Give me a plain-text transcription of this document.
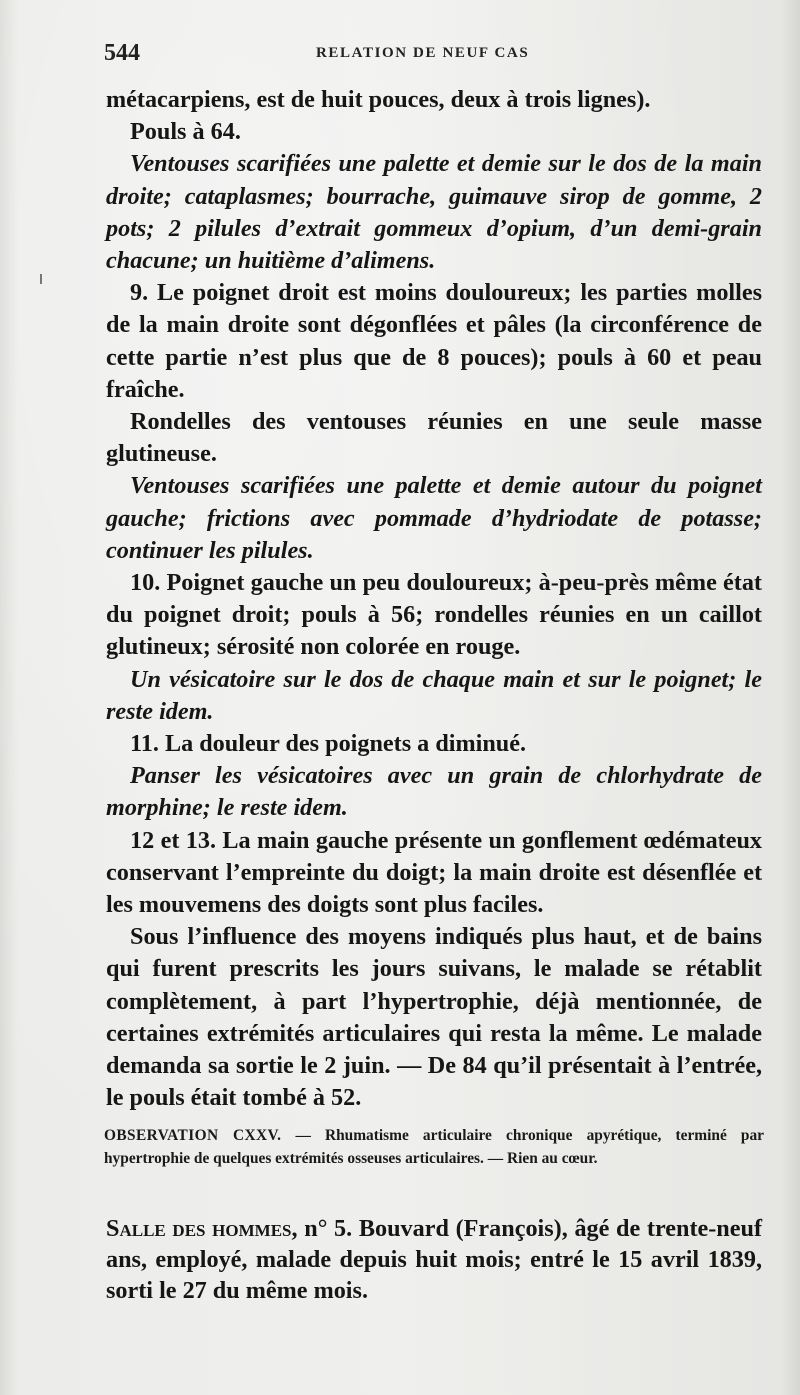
544	RELATION DE NEUF CAS

métacarpiens, est de huit pouces, deux à trois lignes).

Pouls à 64.

Ventouses scarifiées une palette et demie sur le dos de la main droite; cataplasmes; bourrache, guimauve sirop de gomme, 2 pots; 2 pilules d’extrait gommeux d’opium, d’un demi-grain chacune; un huitième d’alimens.

9. Le poignet droit est moins douloureux; les parties molles de la main droite sont dégonflées et pâles (la circonférence de cette partie n’est plus que de 8 pouces); pouls à 60 et peau fraîche.

Rondelles des ventouses réunies en une seule masse glutineuse.

Ventouses scarifiées une palette et demie autour du poignet gauche; frictions avec pommade d’hydriodate de potasse; continuer les pilules.

10. Poignet gauche un peu douloureux; à-peu-près même état du poignet droit; pouls à 56; rondelles réunies en un caillot glutineux; sérosité non colorée en rouge.

Un vésicatoire sur le dos de chaque main et sur le poignet; le reste idem.

11. La douleur des poignets a diminué.

Panser les vésicatoires avec un grain de chlorhydrate de morphine; le reste idem.

12 et 13. La main gauche présente un gonflement œdémateux conservant l’empreinte du doigt; la main droite est désenflée et les mouvemens des doigts sont plus faciles.

Sous l’influence des moyens indiqués plus haut, et de bains qui furent prescrits les jours suivans, le malade se rétablit complètement, à part l’hypertrophie, déjà mentionnée, de certaines extrémités articulaires qui resta la même. Le malade demanda sa sortie le 2 juin. — De 84 qu’il présentait à l’entrée, le pouls était tombé à 52.

OBSERVATION CXXV. — Rhumatisme articulaire chronique apyrétique, terminé par hypertrophie de quelques extrémités osseuses articulaires. — Rien au cœur.
Salle des hommes, n° 5. Bouvard (François), âgé de trente-neuf ans, employé, malade depuis huit mois; entré le 15 avril 1839, sorti le 27 du même mois.
